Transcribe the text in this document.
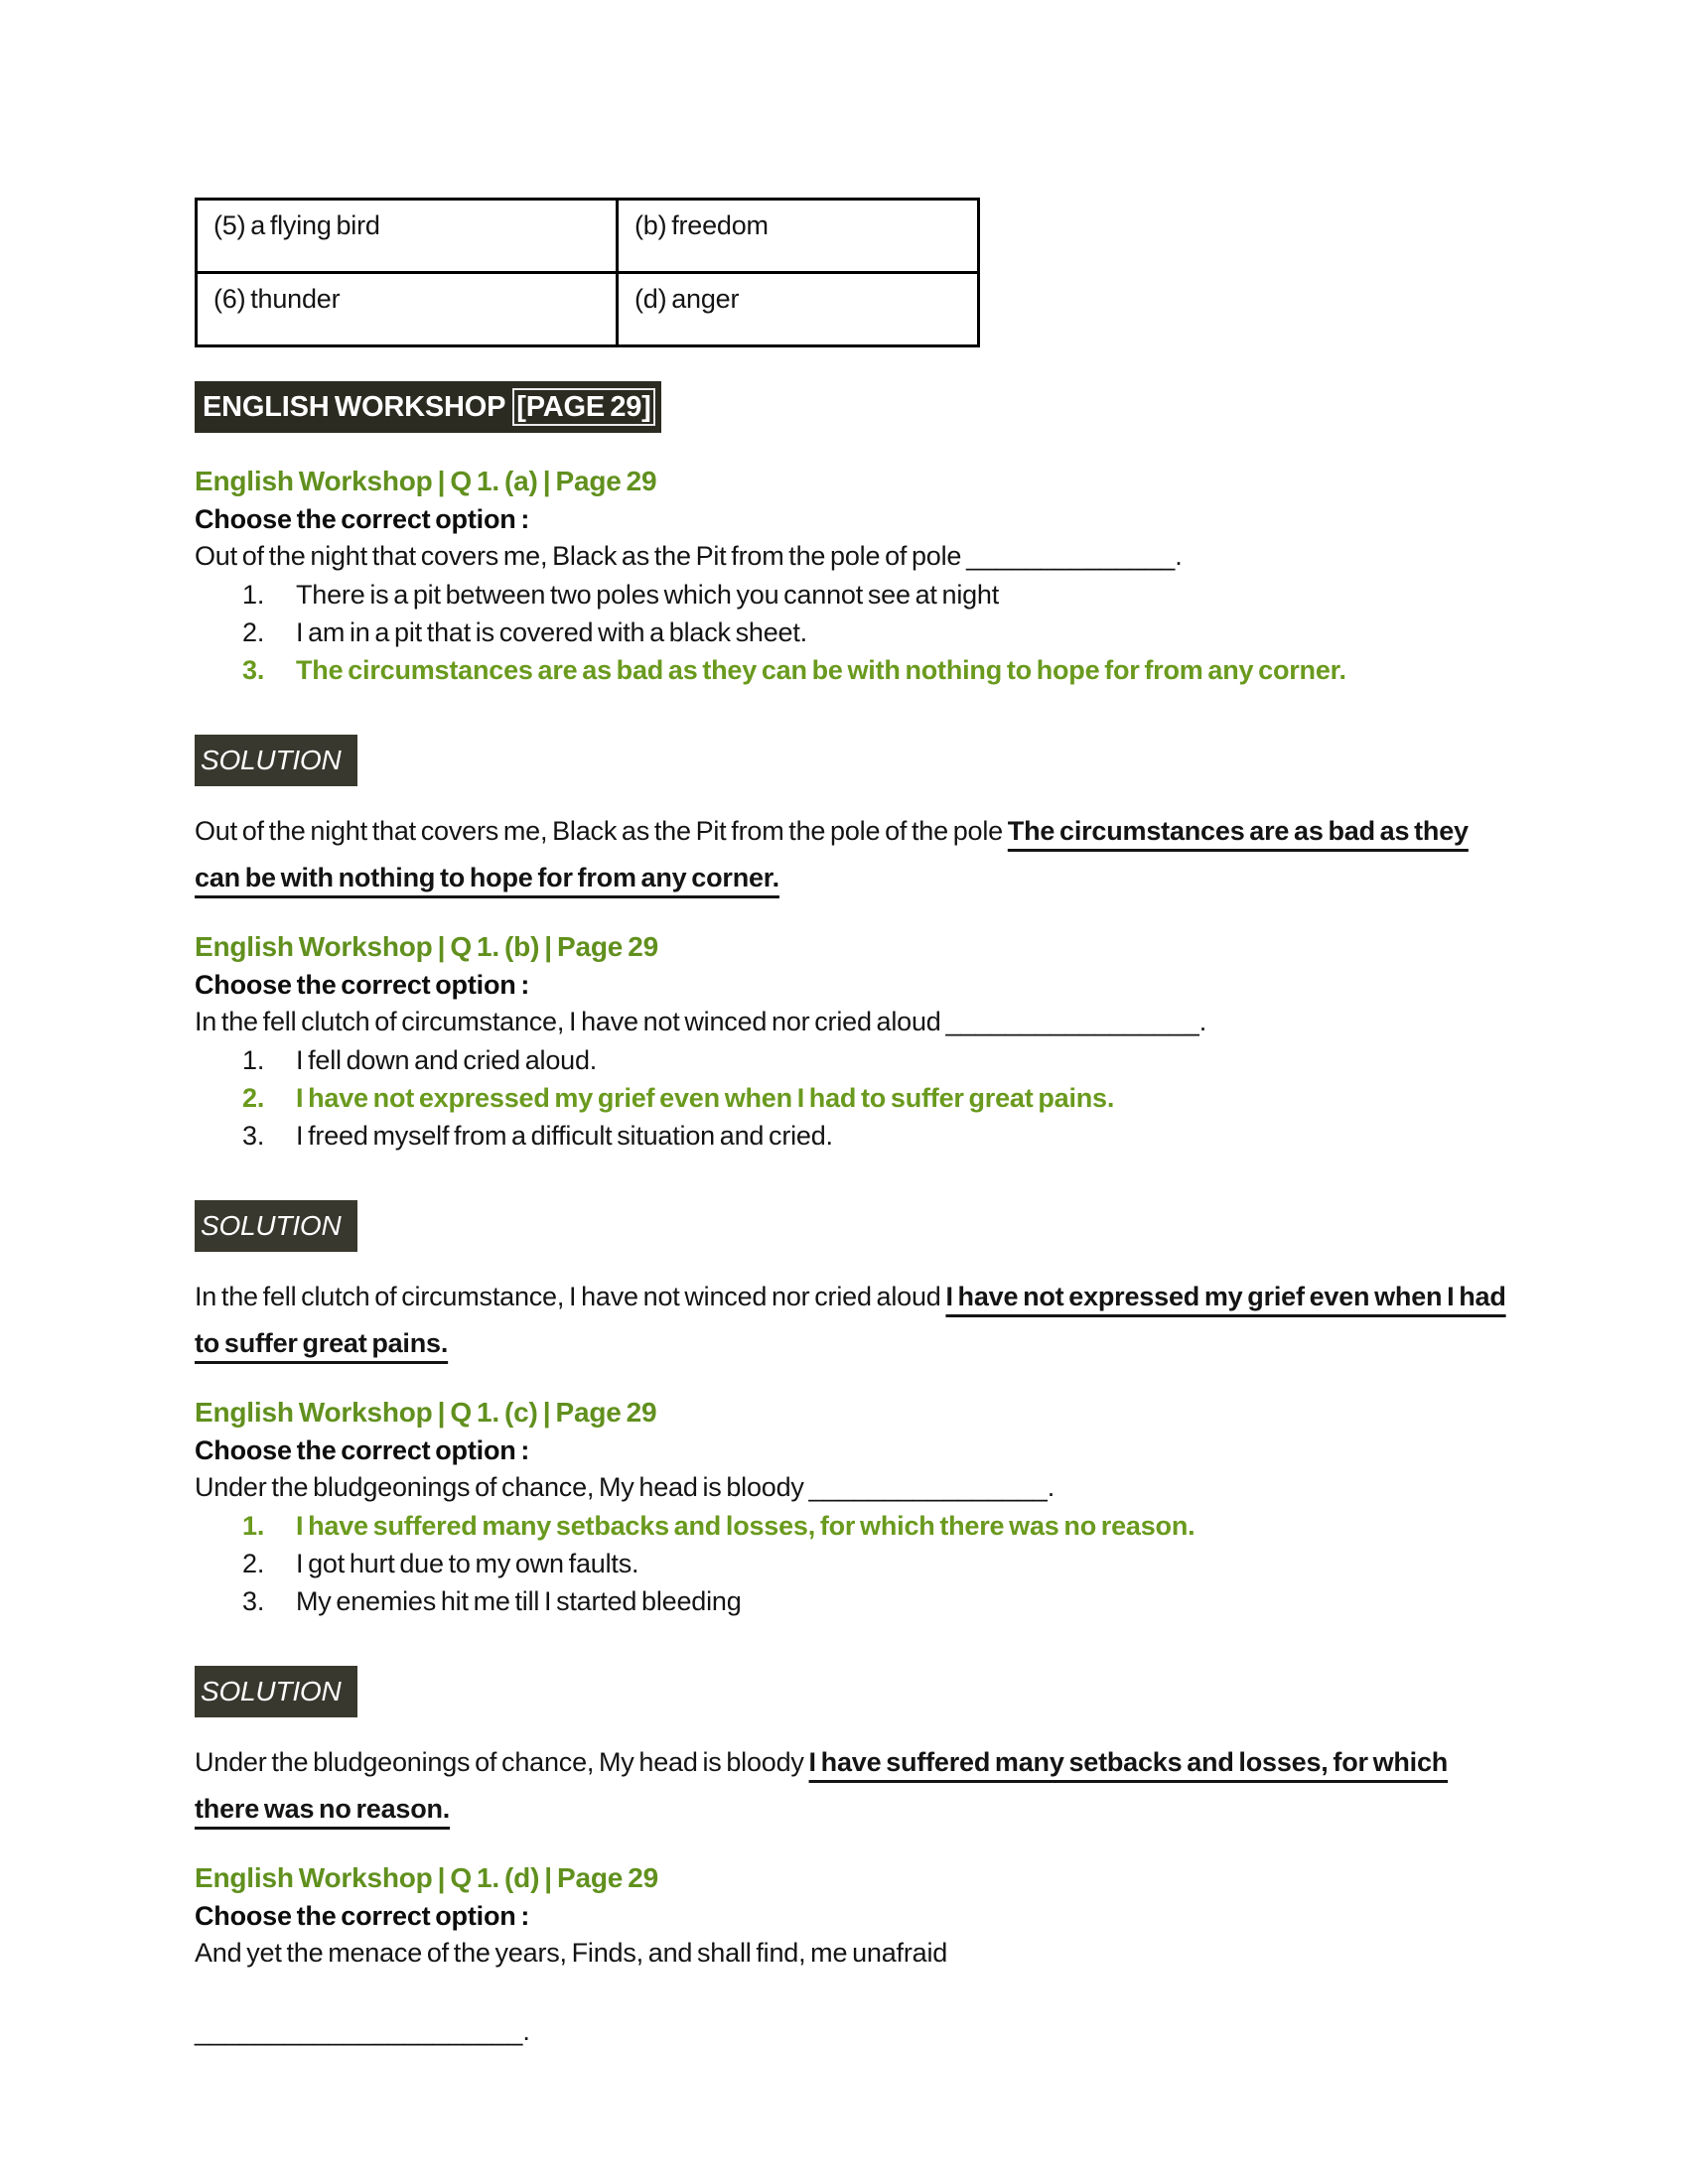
(5) a flying bird	(b) freedom
(6) thunder	(d) anger
ENGLISH WORKSHOP [PAGE 29]
English Workshop | Q 1. (a) | Page 29

Choose the correct option :

Out of the night that covers me, Black as the Pit from the pole of pole ______________.

1.	There is a pit between two poles which you cannot see at night
2.	I am in a pit that is covered with a black sheet.
3.	The circumstances are as bad as they can be with nothing to hope for from any corner.
SOLUTION

Out of the night that covers me, Black as the Pit from the pole of the pole The circumstances are as bad as they can be with nothing to hope for from any corner.

English Workshop | Q 1. (b) | Page 29

Choose the correct option :

In the fell clutch of circumstance, I have not winced nor cried aloud _________________.

1.	I fell down and cried aloud.
2.	I have not expressed my grief even when I had to suffer great pains.
3.	I freed myself from a difficult situation and cried.
SOLUTION

In the fell clutch of circumstance, I have not winced nor cried aloud I have not expressed my grief even when I had to suffer great pains.

English Workshop | Q 1. (c) | Page 29

Choose the correct option :

Under the bludgeonings of chance, My head is bloody ________________.

1.	I have suffered many setbacks and losses, for which there was no reason.
2.	I got hurt due to my own faults.
3.	My enemies hit me till I started bleeding
SOLUTION

Under the bludgeonings of chance, My head is bloody I have suffered many setbacks and losses, for which there was no reason.

English Workshop | Q 1. (d) | Page 29

Choose the correct option :

And yet the menace of the years, Finds, and shall find, me unafraid

______________________.
